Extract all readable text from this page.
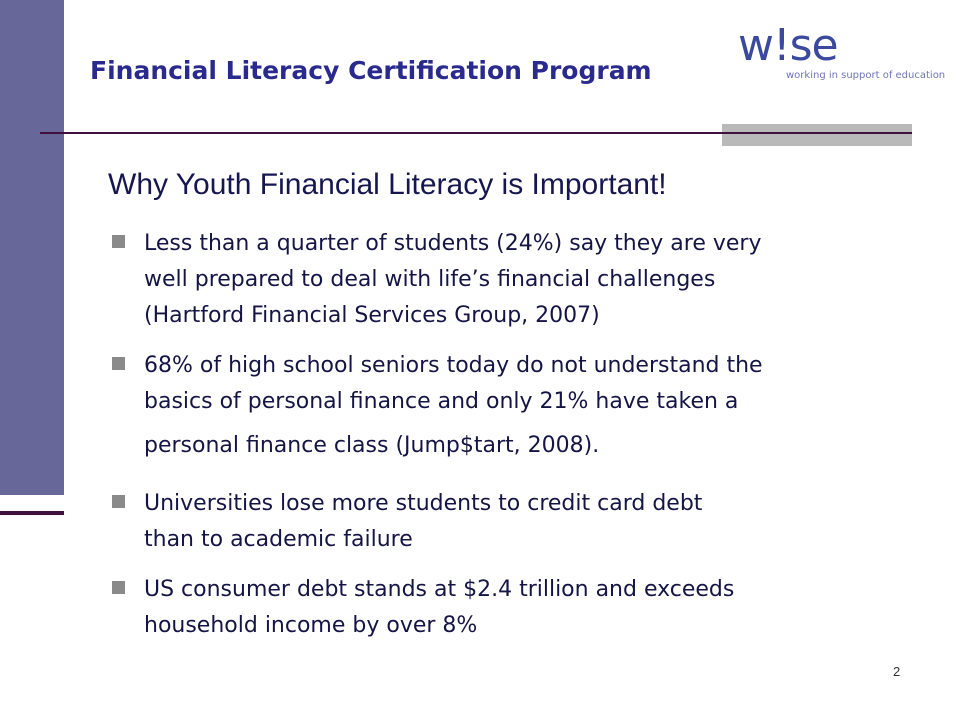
Financial Literacy Certification Program w!se
working in support of education
Why Youth Financial Literacy is Important!
Less than a quarter of students (24%) say they are very
well prepared to deal with life’s financial challenges
(Hartford Financial Services Group, 2007)
68% of high school seniors today do not understand the
basics of personal finance and only 21% have taken a
personal finance class (Jump$tart, 2008).
Universities lose more students to credit card debt
than to academic failure
US consumer debt stands at $2.4 trillion and exceeds
household income by over 8%
2
